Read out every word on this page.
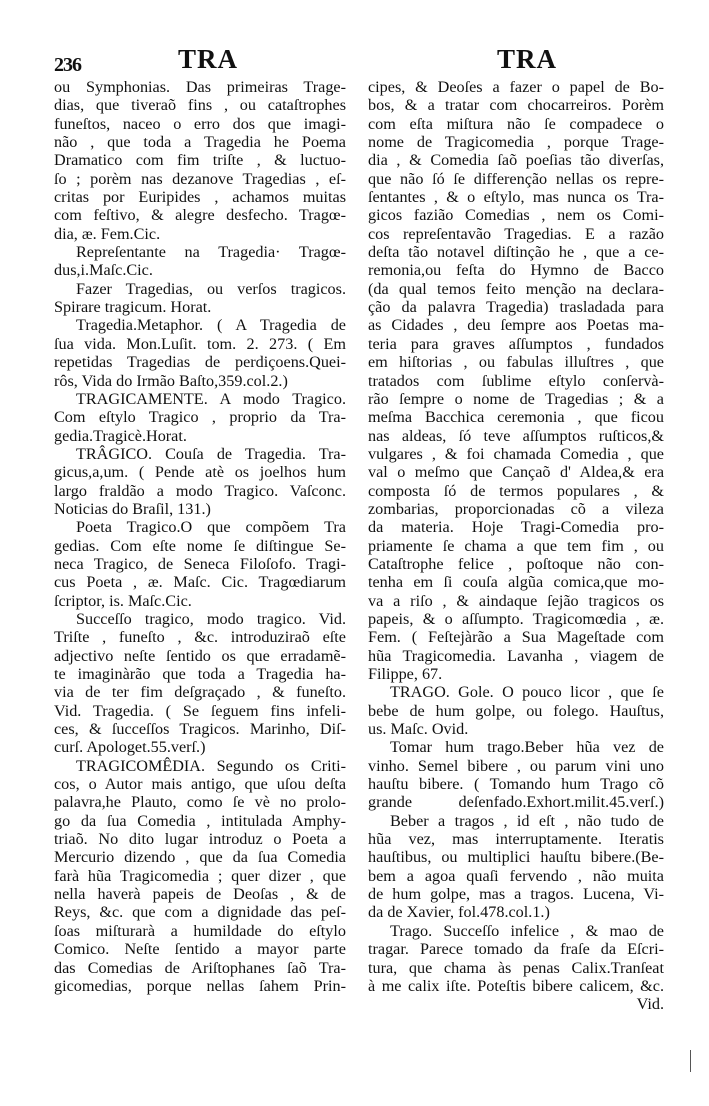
236	TRA	TRA
ou Symphonias. Das primeiras Trage-
dias, que tiveraõ fins , ou cataſtrophes
funeſtos, naceo o erro dos que imagi-
não , que toda a Tragedia he Poema
Dramatico com fim triſte , & luctuo-
ſo ; porèm nas dezanove Tragedias , eſ-
critas por Euripides , achamos muitas
com feſtivo, & alegre desfecho. Tragœ-
dia, æ. Fem.Cic.
Repreſentante na Tragedia· Tragœ-
dus,i.Maſc.Cic.
Fazer Tragedias, ou verſos tragicos.
Spirare tragicum. Horat.
Tragedia.Metaphor. ( A Tragedia de
ſua vida. Mon.Luſit. tom. 2. 273. ( Em
repetidas Tragedias de perdiçoens.Quei-
rôs, Vida do Irmão Baſto,359.col.2.)
TRAGICAMENTE. A modo Tragico.
Com eſtylo Tragico , proprio da Tra-
gedia.Tragicè.Horat.
TRÂGICO. Couſa de Tragedia. Tra-
gicus,a,um. ( Pende atè os joelhos hum
largo fraldão a modo Tragico. Vaſconc.
Noticias do Braſil, 131.)
Poeta Tragico.O que compõem Tra
gedias. Com eſte nome ſe diſtingue Se-
neca Tragico, de Seneca Filoſofo. Tragi-
cus Poeta , æ. Maſc. Cic. Tragœdiarum
ſcriptor, is. Maſc.Cic.
Succeſſo tragico, modo tragico. Vid.
Triſte , funeſto , &c. introduziraõ eſte
adjectivo neſte ſentido os que erradamẽ-
te imaginàrão que toda a Tragedia ha-
via de ter fim deſgraçado , & funeſto.
Vid. Tragedia. ( Se ſeguem fins infeli-
ces, & ſucceſſos Tragicos. Marinho, Diſ-
curſ. Apologet.55.verſ.)
TRAGICOMÊDIA. Segundo os Criti-
cos, o Autor mais antigo, que uſou deſta
palavra,he Plauto, como ſe vè no prolo-
go da ſua Comedia , intitulada Amphy-
triaõ. No dito lugar introduz o Poeta a
Mercurio dizendo , que da ſua Comedia
farà hũa Tragicomedia ; quer dizer , que
nella haverà papeis de Deoſas , & de
Reys, &c. que com a dignidade das peſ-
ſoas miſturarà a humildade do eſtylo
Comico. Neſte ſentido a mayor parte
das Comedias de Ariſtophanes ſaõ Tra-
gicomedias, porque nellas ſahem Prin-
cipes, & Deoſes a fazer o papel de Bo-
bos, & a tratar com chocarreiros. Porèm
com eſta miſtura não ſe compadece o
nome de Tragicomedia , porque Trage-
dia , & Comedia ſaõ poeſias tão diverſas,
que não ſó ſe differenção nellas os repre-
ſentantes , & o eſtylo, mas nunca os Tra-
gicos fazião Comedias , nem os Comi-
cos repreſentavão Tragedias. E a razão
deſta tão notavel diſtinção he , que a ce-
remonia,ou feſta do Hymno de Bacco
(da qual temos feito menção na declara-
ção da palavra Tragedia) trasladada para
as Cidades , deu ſempre aos Poetas ma-
teria para graves aſſumptos , fundados
em hiſtorias , ou fabulas illuſtres , que
tratados com ſublime eſtylo conſervà-
rão ſempre o nome de Tragedias ; & a
meſma Bacchica ceremonia , que ficou
nas aldeas, ſó teve aſſumptos ruſticos,&
vulgares , & foi chamada Comedia , que
val o meſmo que Cançaõ d' Aldea,& era
composta ſó de termos populares , &
zombarias, proporcionadas cõ a vileza
da materia. Hoje Tragi-Comedia pro-
priamente ſe chama a que tem fim , ou
Cataſtrophe felice , poſtoque não con-
tenha em ſi couſa algũa comica,que mo-
va a riſo , & aindaque ſejão tragicos os
papeis, & o aſſumpto. Tragicomœdia , æ.
Fem. ( Feſtejàrão a Sua Mageſtade com
hũa Tragicomedia. Lavanha , viagem de
Filippe, 67.
TRAGO. Gole. O pouco licor , que ſe
bebe de hum golpe, ou folego. Hauſtus,
us. Maſc. Ovid.
Tomar hum trago.Beber hũa vez de
vinho. Semel bibere , ou parum vini uno
hauſtu bibere. ( Tomando hum Trago cõ
grande deſenfado.Exhort.milit.45.verſ.)
Beber a tragos , id eſt , não tudo de
hũa vez, mas interruptamente. Iteratis
hauſtibus, ou multiplici hauſtu bibere.(Be-
bem a agoa quaſi fervendo , não muita
de hum golpe, mas a tragos. Lucena, Vi-
da de Xavier, fol.478.col.1.)
Trago. Succeſſo infelice , & mao de
tragar. Parece tomado da fraſe da Eſcri-
tura, que chama às penas Calix.Tranſeat
à me calix iſte. Poteſtis bibere calicem, &c.
Vid.
